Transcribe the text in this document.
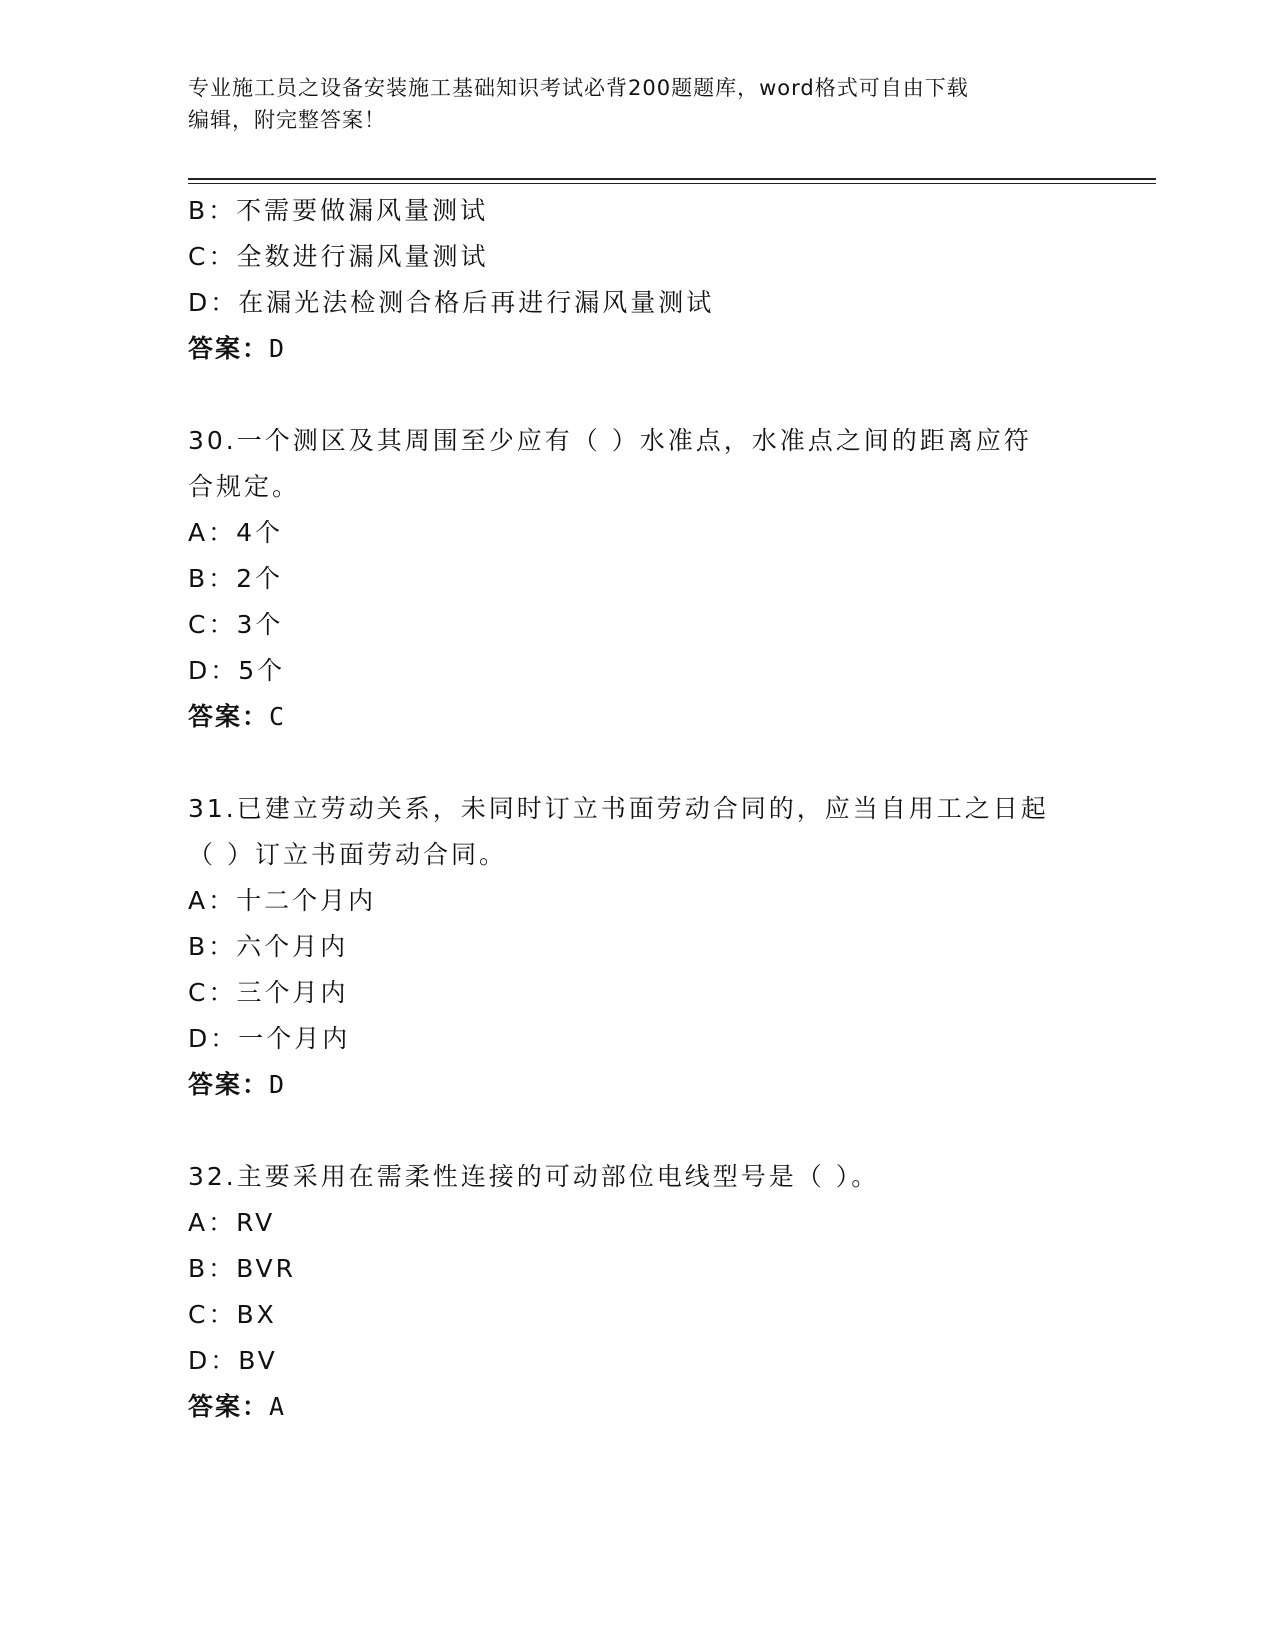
专业施工员之设备安装施工基础知识考试必背200题题库，word格式可自由下载
编辑，附完整答案！
B：不需要做漏风量测试
C：全数进行漏风量测试
D：在漏光法检测合格后再进行漏风量测试
答案：D
30.一个测区及其周围至少应有（ ）水准点，水准点之间的距离应符
合规定。
A：4个
B：2个
C：3个
D：5个
答案：C
31.已建立劳动关系，未同时订立书面劳动合同的，应当自用工之日起
（ ）订立书面劳动合同。
A：十二个月内
B：六个月内
C：三个月内
D：一个月内
答案：D
32.主要采用在需柔性连接的可动部位电线型号是（ ）。
A：RV
B：BVR
C：BX
D：BV
答案：A
